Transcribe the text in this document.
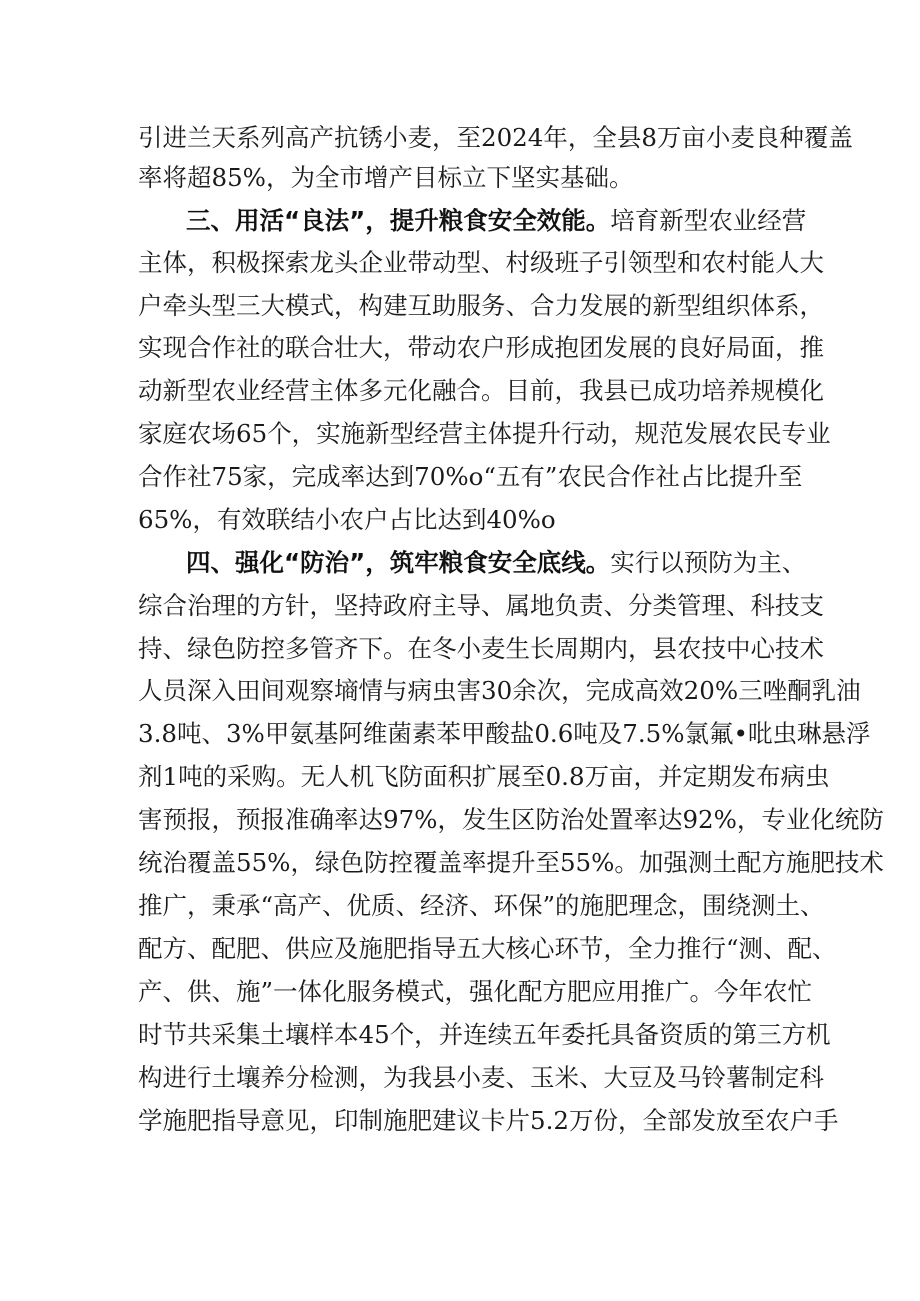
引进兰天系列高产抗锈小麦，至2024年，全县8万亩小麦良种覆盖

率将超85%，为全市增产目标立下坚实基础。

三、用活“良法”，提升粮食安全效能。培育新型农业经营

主体，积极探索龙头企业带动型、村级班子引领型和农村能人大

户牵头型三大模式，构建互助服务、合力发展的新型组织体系，

实现合作社的联合壮大，带动农户形成抱团发展的良好局面，推

动新型农业经营主体多元化融合。目前，我县已成功培养规模化

家庭农场65个，实施新型经营主体提升行动，规范发展农民专业

合作社75家，完成率达到70%o“五有”农民合作社占比提升至

65%，有效联结小农户占比达到40%o

四、强化“防治”，筑牢粮食安全底线。实行以预防为主、

综合治理的方针，坚持政府主导、属地负责、分类管理、科技支

持、绿色防控多管齐下。在冬小麦生长周期内，县农技中心技术

人员深入田间观察墒情与病虫害30余次，完成高效20%三唑酮乳油

3.8吨、3%甲氨基阿维菌素苯甲酸盐0.6吨及7.5%氯氟•吡虫琳悬浮

剂1吨的采购。无人机飞防面积扩展至0.8万亩，并定期发布病虫

害预报，预报准确率达97%，发生区防治处置率达92%，专业化统防

统治覆盖55%，绿色防控覆盖率提升至55%。加强测土配方施肥技术

推广，秉承“高产、优质、经济、环保”的施肥理念，围绕测土、

配方、配肥、供应及施肥指导五大核心环节，全力推行“测、配、

产、供、施”一体化服务模式，强化配方肥应用推广。今年农忙

时节共采集土壤样本45个，并连续五年委托具备资质的第三方机

构进行土壤养分检测，为我县小麦、玉米、大豆及马铃薯制定科

学施肥指导意见，印制施肥建议卡片5.2万份，全部发放至农户手
